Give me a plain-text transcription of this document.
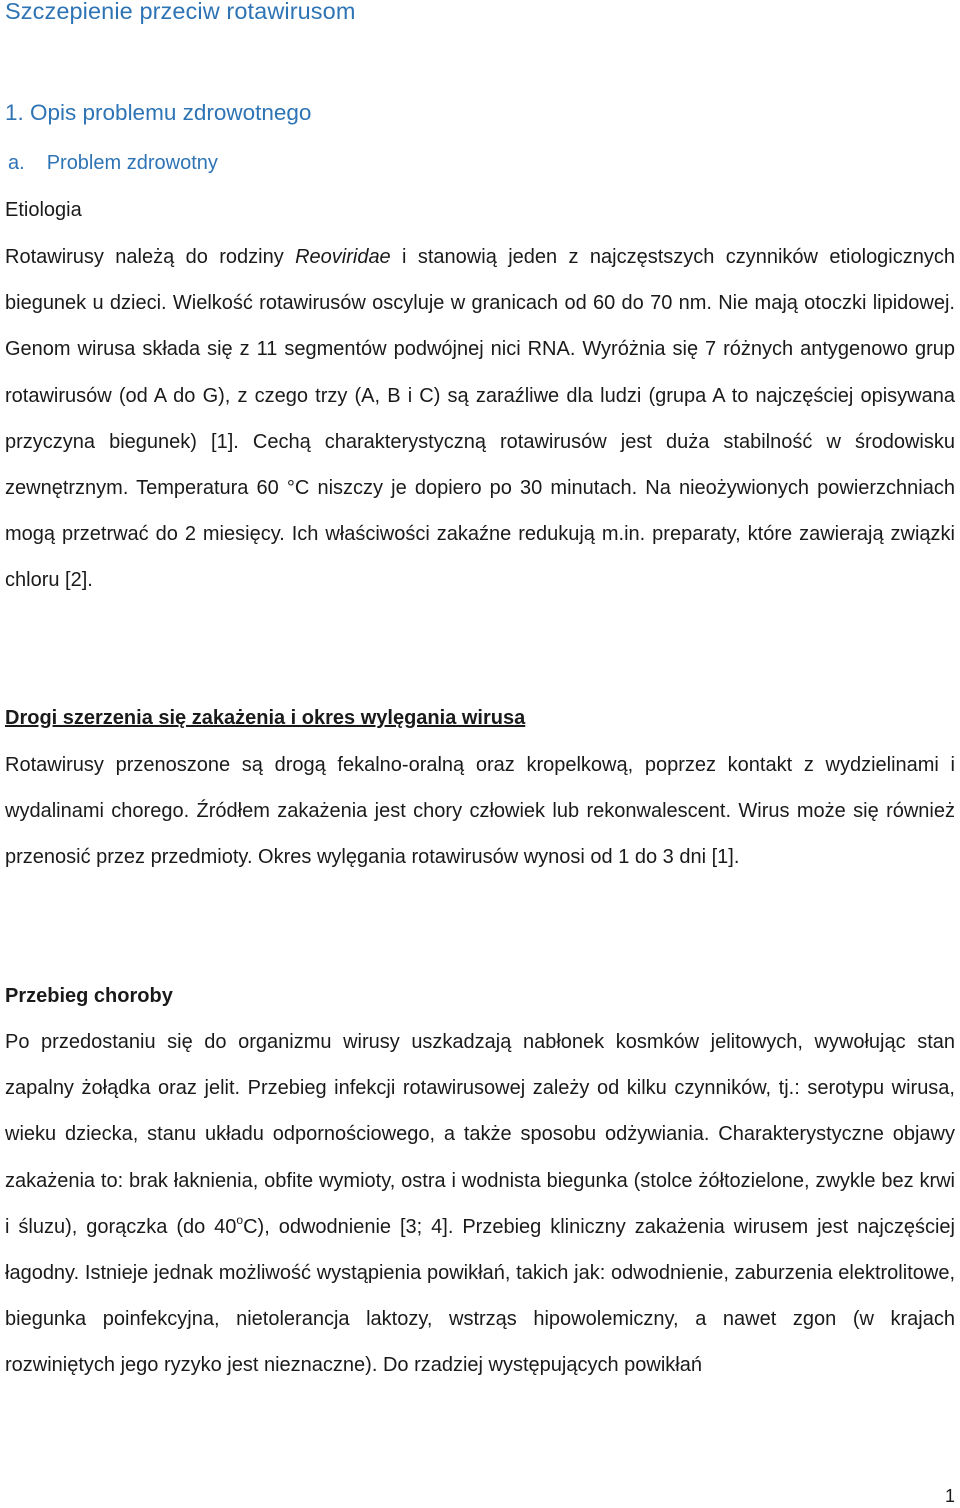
Szczepienie przeciw rotawirusom
1. Opis problemu zdrowotnego
a. Problem zdrowotny
Etiologia

Rotawirusy należą do rodziny Reoviridae i stanowią jeden z najczęstszych czynników etiologicznych biegunek u dzieci. Wielkość rotawirusów oscyluje w granicach od 60 do 70 nm. Nie mają otoczki lipidowej. Genom wirusa składa się z 11 segmentów podwójnej nici RNA. Wyróżnia się 7 różnych antygenowo grup rotawirusów (od A do G), z czego trzy (A, B i C) są zaraźliwe dla ludzi (grupa A to najczęściej opisywana przyczyna biegunek) [1]. Cechą charakterystyczną rotawirusów jest duża stabilność w środowisku zewnętrznym. Temperatura 60 °C niszczy je dopiero po 30 minutach. Na nieożywionych powierzchniach mogą przetrwać do 2 miesięcy. Ich właściwości zakaźne redukują m.in. preparaty, które zawierają związki chloru [2].

Drogi szerzenia się zakażenia i okres wylęgania wirusa

Rotawirusy przenoszone są drogą fekalno-oralną oraz kropelkową, poprzez kontakt z wydzielinami i wydalinami chorego. Źródłem zakażenia jest chory człowiek lub rekonwalescent. Wirus może się również przenosić przez przedmioty. Okres wylęgania rotawirusów wynosi od 1 do 3 dni [1].

Przebieg choroby

Po przedostaniu się do organizmu wirusy uszkadzają nabłonek kosmków jelitowych, wywołując stan zapalny żołądka oraz jelit. Przebieg infekcji rotawirusowej zależy od kilku czynników, tj.: serotypu wirusa, wieku dziecka, stanu układu odpornościowego, a także sposobu odżywiania. Charakterystyczne objawy zakażenia to: brak łaknienia, obfite wymioty, ostra i wodnista biegunka (stolce żółtozielone, zwykle bez krwi i śluzu), gorączka (do 40$^o$C), odwodnienie [3; 4]. Przebieg kliniczny zakażenia wirusem jest najczęściej łagodny. Istnieje jednak możliwość wystąpienia powikłań, takich jak: odwodnienie, zaburzenia elektrolitowe, biegunka poinfekcyjna, nietolerancja laktozy, wstrząs hipowolemiczny, a nawet zgon (w krajach rozwiniętych jego ryzyko jest nieznaczne). Do rzadziej występujących powikłań

1
